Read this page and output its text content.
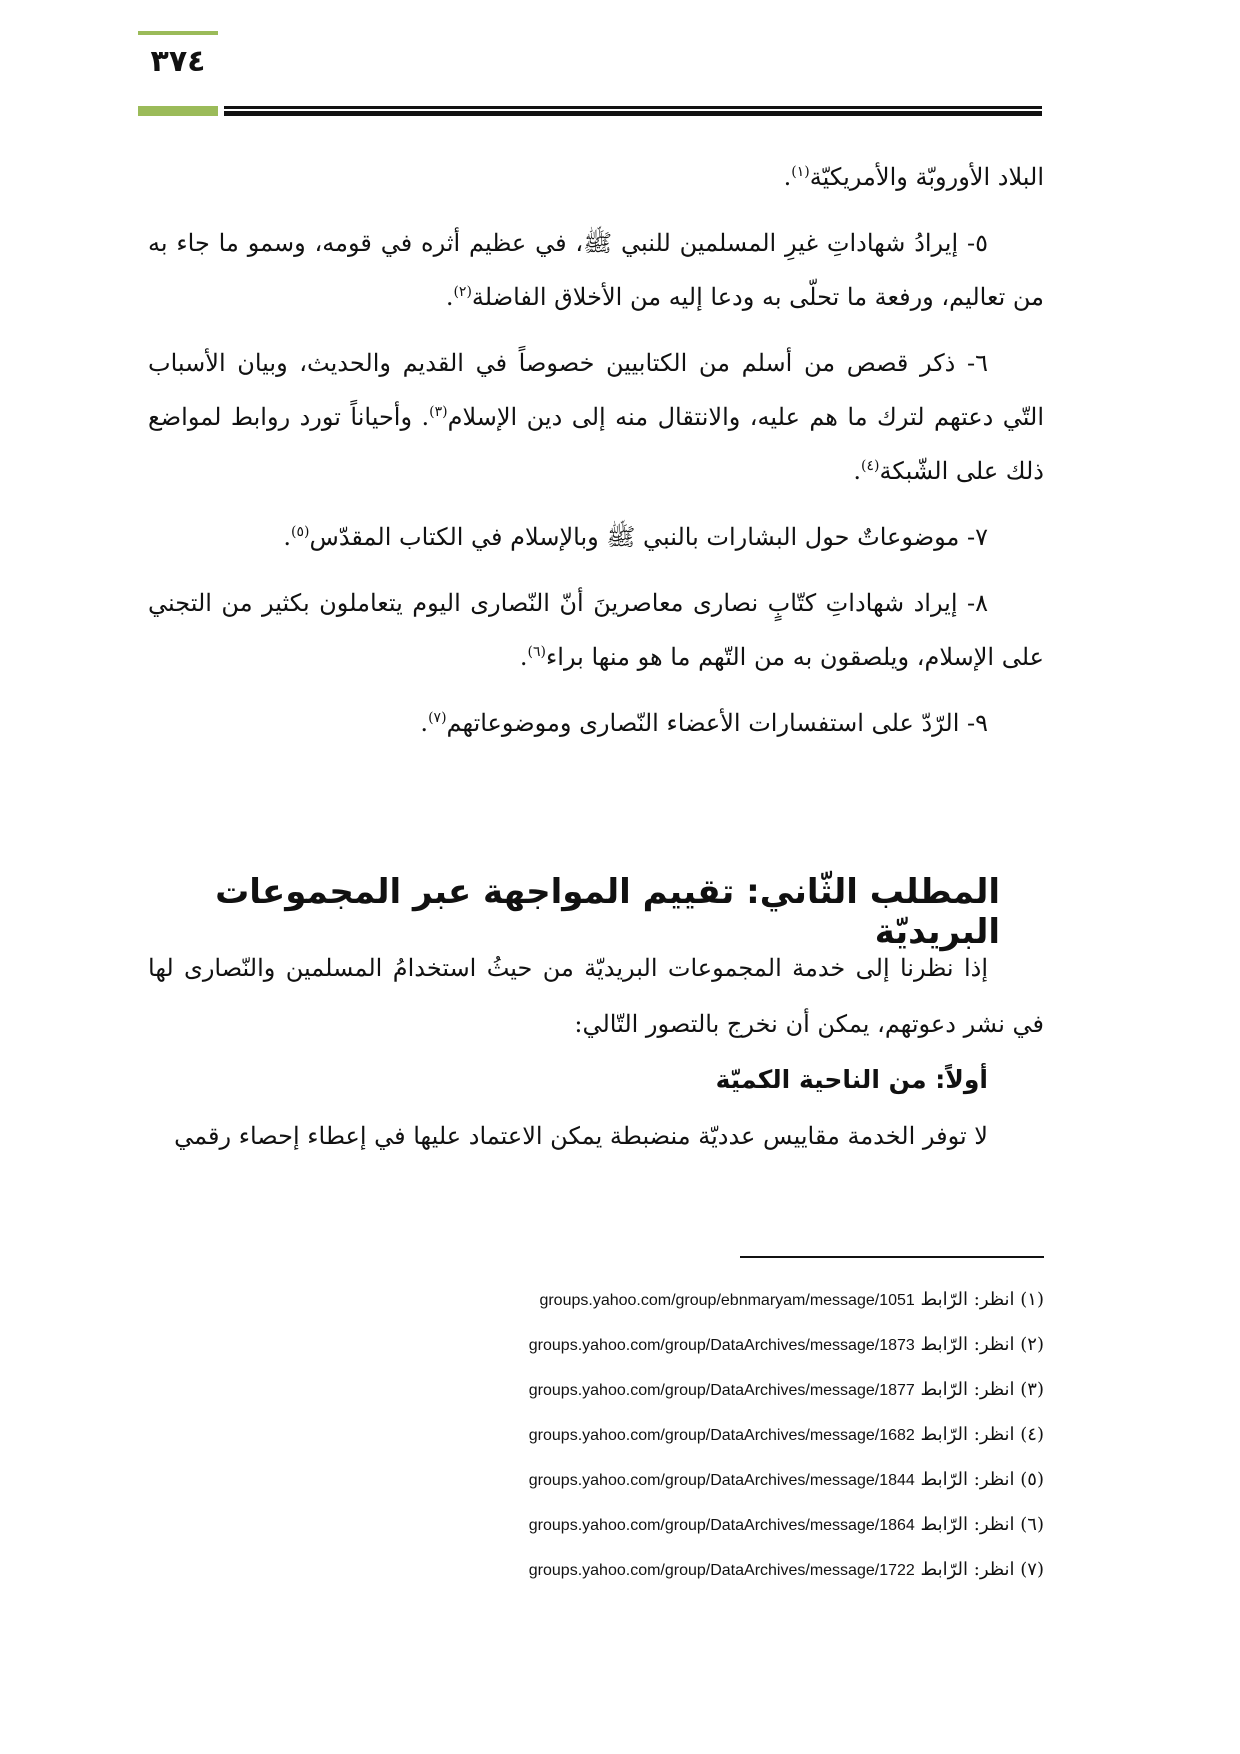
٣٧٤

البلاد الأوروبّة والأمريكيّة$^{(١)}$.

٥- إيرادُ شهاداتِ غيرِ المسلمين للنبي ﷺ، في عظيم أثره في قومه، وسمو ما جاء به من تعاليم، ورفعة ما تحلّى به ودعا إليه من الأخلاق الفاضلة$^{(٢)}$.

٦- ذكر قصص من أسلم من الكتابيين خصوصاً في القديم والحديث، وبيان الأسباب التّي دعتهم لترك ما هم عليه، والانتقال منه إلى دين الإسلام$^{(٣)}$. وأحياناً تورد روابط لمواضع ذلك على الشّبكة$^{(٤)}$.

٧- موضوعاتٌ حول البشارات بالنبي ﷺ وبالإسلام في الكتاب المقدّس$^{(٥)}$.

٨- إيراد شهاداتِ كتّابٍ نصارى معاصرينَ أنّ النّصارى اليوم يتعاملون بكثير من التجني على الإسلام، ويلصقون به من التّهم ما هو منها براء$^{(٦)}$.

٩- الرّدّ على استفسارات الأعضاء النّصارى وموضوعاتهم$^{(٧)}$.

المطلب الثّاني: تقييم المواجهة عبر المجموعات البريديّة

إذا نظرنا إلى خدمة المجموعات البريديّة من حيثُ استخدامُ المسلمين والنّصارى لها في نشر دعوتهم، يمكن أن نخرج بالتصور التّالي:

أولاً: من الناحية الكميّة

لا توفر الخدمة مقاييس عدديّة منضبطة يمكن الاعتماد عليها في إعطاء إحصاء رقمي

(١) انظر: الرّابط groups.yahoo.com/group/ebnmaryam/message/1051
(٢) انظر: الرّابط groups.yahoo.com/group/DataArchives/message/1873
(٣) انظر: الرّابط groups.yahoo.com/group/DataArchives/message/1877
(٤) انظر: الرّابط groups.yahoo.com/group/DataArchives/message/1682
(٥) انظر: الرّابط groups.yahoo.com/group/DataArchives/message/1844
(٦) انظر: الرّابط groups.yahoo.com/group/DataArchives/message/1864
(٧) انظر: الرّابط groups.yahoo.com/group/DataArchives/message/1722
